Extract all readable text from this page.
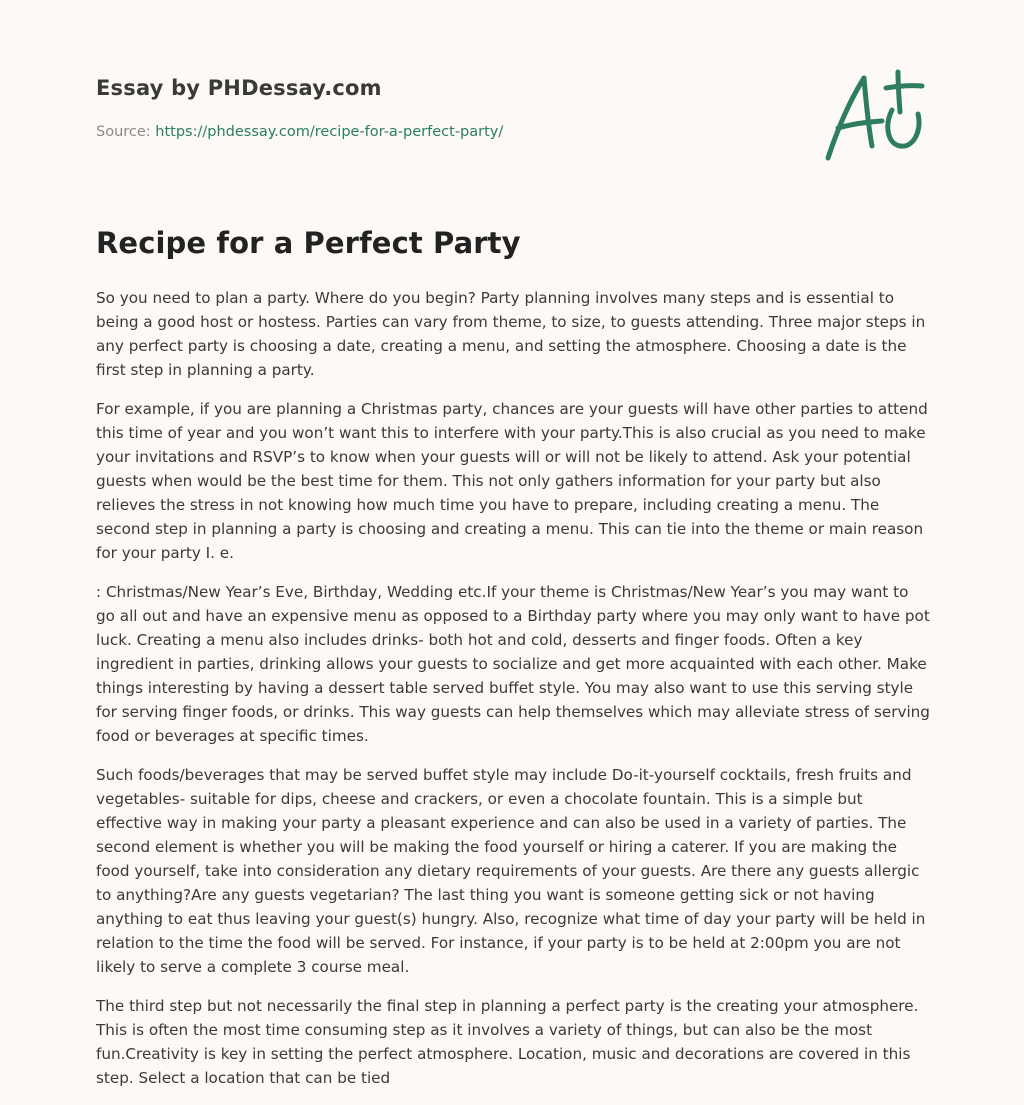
Essay by PHDessay.com
Source: https://phdessay.com/recipe-for-a-perfect-party/
Recipe for a Perfect Party

So you need to plan a party. Where do you begin? Party planning involves many steps and is essential to being a good host or hostess. Parties can vary from theme, to size, to guests attending. Three major steps in any perfect party is choosing a date, creating a menu, and setting the atmosphere. Choosing a date is the first step in planning a party.

For example, if you are planning a Christmas party, chances are your guests will have other parties to attend this time of year and you won’t want this to interfere with your party.This is also crucial as you need to make your invitations and RSVP’s to know when your guests will or will not be likely to attend. Ask your potential guests when would be the best time for them. This not only gathers information for your party but also relieves the stress in not knowing how much time you have to prepare, including creating a menu. The second step in planning a party is choosing and creating a menu. This can tie into the theme or main reason for your party I. e.

: Christmas/New Year’s Eve, Birthday, Wedding etc.If your theme is Christmas/New Year’s you may want to go all out and have an expensive menu as opposed to a Birthday party where you may only want to have pot luck. Creating a menu also includes drinks- both hot and cold, desserts and finger foods. Often a key ingredient in parties, drinking allows your guests to socialize and get more acquainted with each other. Make things interesting by having a dessert table served buffet style. You may also want to use this serving style for serving finger foods, or drinks. This way guests can help themselves which may alleviate stress of serving food or beverages at specific times.

Such foods/beverages that may be served buffet style may include Do-it-yourself cocktails, fresh fruits and vegetables- suitable for dips, cheese and crackers, or even a chocolate fountain. This is a simple but effective way in making your party a pleasant experience and can also be used in a variety of parties. The second element is whether you will be making the food yourself or hiring a caterer. If you are making the food yourself, take into consideration any dietary requirements of your guests. Are there any guests allergic to anything?Are any guests vegetarian? The last thing you want is someone getting sick or not having anything to eat thus leaving your guest(s) hungry. Also, recognize what time of day your party will be held in relation to the time the food will be served. For instance, if your party is to be held at 2:00pm you are not likely to serve a complete 3 course meal.

The third step but not necessarily the final step in planning a perfect party is the creating your atmosphere. This is often the most time consuming step as it involves a variety of things, but can also be the most fun.Creativity is key in setting the perfect atmosphere. Location, music and decorations are covered in this step. Select a location that can be tied
